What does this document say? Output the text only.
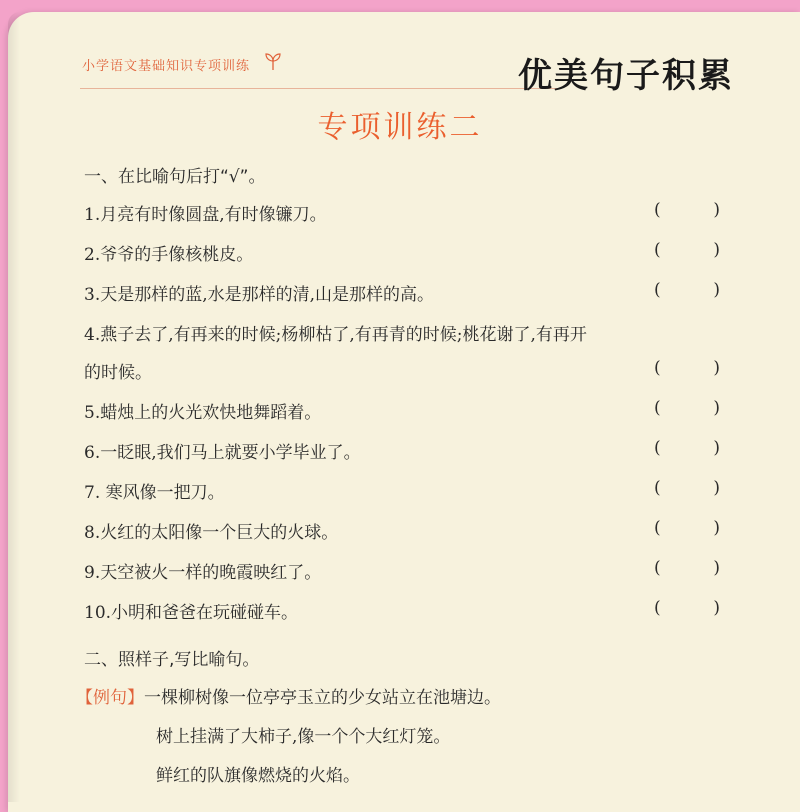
小学语文基础知识专项训练	优美句子积累
专项训练二
一、在比喻句后打“√”。
1.月亮有时像圆盘,有时像镰刀。	(	)
2.爷爷的手像核桃皮。	(	)
3.天是那样的蓝,水是那样的清,山是那样的高。	(	)
4.燕子去了,有再来的时候;杨柳枯了,有再青的时候;桃花谢了,有再开
的时候。	(	)
5.蜡烛上的火光欢快地舞蹈着。	(	)
6.一眨眼,我们马上就要小学毕业了。	(	)
7. 寒风像一把刀。	(	)
8.火红的太阳像一个巨大的火球。	(	)
9.天空被火一样的晚霞映红了。	(	)
10.小明和爸爸在玩碰碰车。	(	)
二、照样子,写比喻句。
【例句】一棵柳树像一位亭亭玉立的少女站立在池塘边。
树上挂满了大柿子,像一个个大红灯笼。
鲜红的队旗像燃烧的火焰。
